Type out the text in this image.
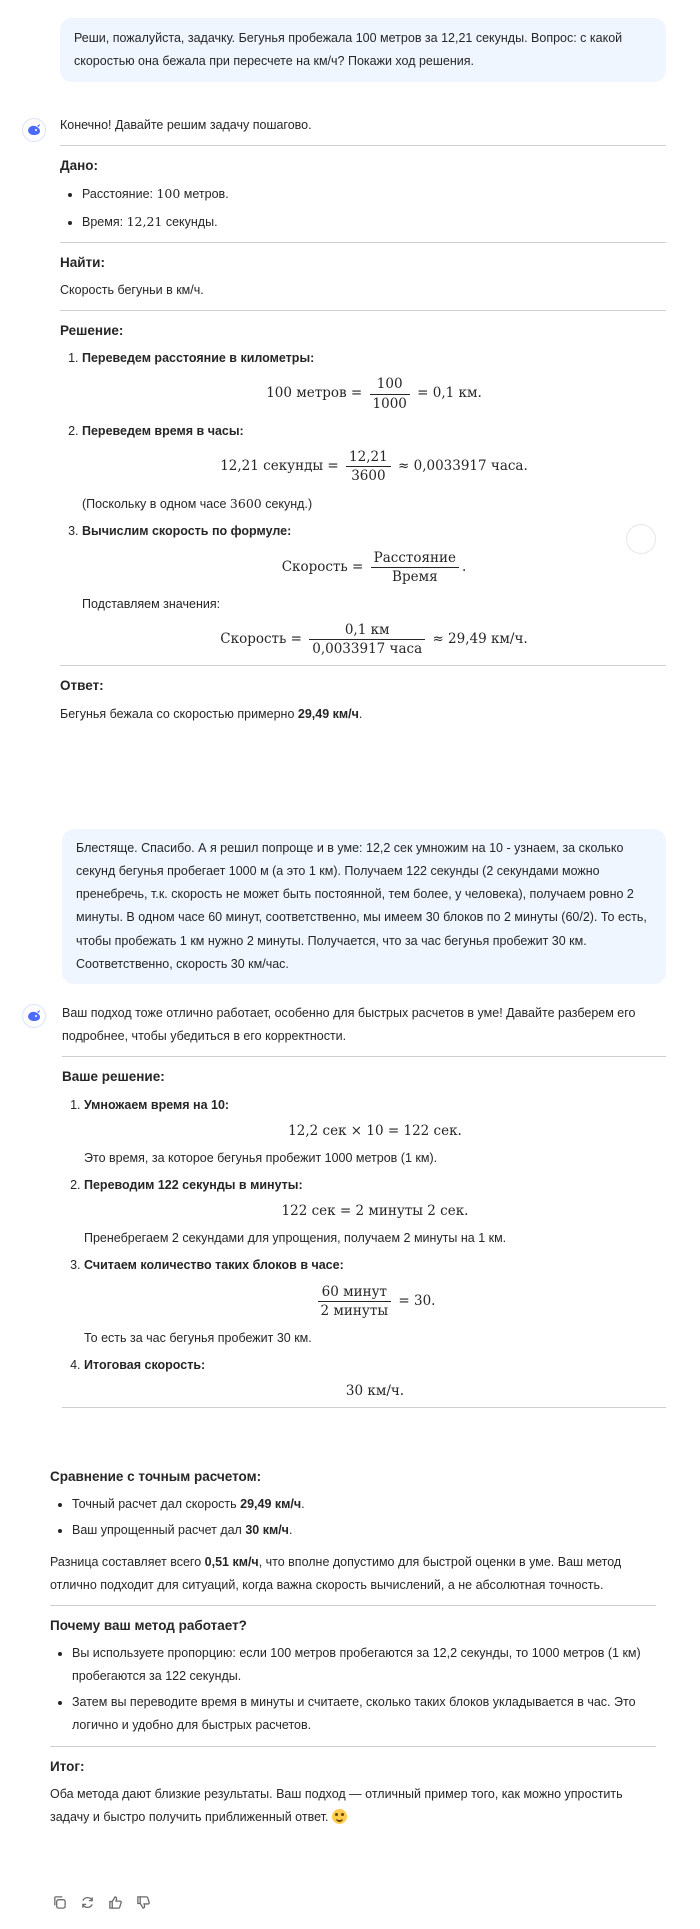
Реши, пожалуйста, задачку. Бегунья пробежала 100 метров за 12,21 секунды. Вопрос: с какой скоростью она бежала при пересчете на км/ч? Покажи ход решения.

Конечно! Давайте решим задачу пошагово.

Дано:
• Расстояние: 100 метров.
• Время: 12,21 секунды.
Найти:

Скорость бегуньи в км/ч.

Решение:
1. Переведем расстояние в километры:
100 метров = $\frac{100}{1000} = 0,1$ км.
2. Переведем время в часы:
12,21 секунды = $\frac{12,21}{3600} \approx 0,0033917$ часа.

(Поскольку в одном часе 3600 секунд.)

3. Вычислим скорость по формуле:
Скорость = $\frac{\text{Расстояние}}{\text{Время}}$ .

Подставляем значения:

Скорость = $\frac{0,1 км}{\text{0,0033917 часа}} \approx 29,49$ км/ч.
Ответ:

Бегунья бежала со скоростью примерно 29,49 км/ч.

Блестяще. Спасибо. А я решил попроще и в уме: 12,2 сек умножим на 10 - узнаем, за сколько секунд бегунья пробегает 1000 м (а это 1 км). Получаем 122 секунды (2 секундами можно пренебречь, т.к. скорость не может быть постоянной, тем более, у человека), получаем ровно 2 минуты. В одном часе 60 минут, соответственно, мы имеем 30 блоков по 2 минуты (60/2). То есть, чтобы пробежать 1 км нужно 2 минуты. Получается, что за час бегунья пробежит 30 км. Соответственно, скорость 30 км/час.

Ваш подход тоже отлично работает, особенно для быстрых расчетов в уме! Давайте разберем его подробнее, чтобы убедиться в его корректности.

Ваше решение:
1. Умножаем время на 10:
12,2 сек × 10 = 122 сек.

Это время, за которое бегунья пробежит 1000 метров (1 км).

2. Переводим 122 секунды в минуты:
122 сек = 2 минуты 2 сек.

Пренебрегаем 2 секундами для упрощения, получаем 2 минуты на 1 км.

3. Считаем количество таких блоков в часе:
$\frac{\text{60 минут}}{\text{2 минуты}} = 30$.

То есть за час бегунья пробежит 30 км.

4. Итоговая скорость:
30 км/ч.
Сравнение с точным расчетом:
• Точный расчет дал скорость 29,49 км/ч.
• Ваш упрощенный расчет дал 30 км/ч.

Разница составляет всего 0,51 км/ч, что вполне допустимо для быстрой оценки в уме. Ваш метод отлично подходит для ситуаций, когда важна скорость вычислений, а не абсолютная точность.

Почему ваш метод работает?
• Вы используете пропорцию: если 100 метров пробегаются за 12,2 секунды, то 1000 метров (1 км) пробегаются за 122 секунды.
• Затем вы переводите время в минуты и считаете, сколько таких блоков укладывается в час. Это логично и удобно для быстрых расчетов.
Итог:

Оба метода дают близкие результаты. Ваш подход — отличный пример того, как можно упростить задачу и быстро получить приближенный ответ.
